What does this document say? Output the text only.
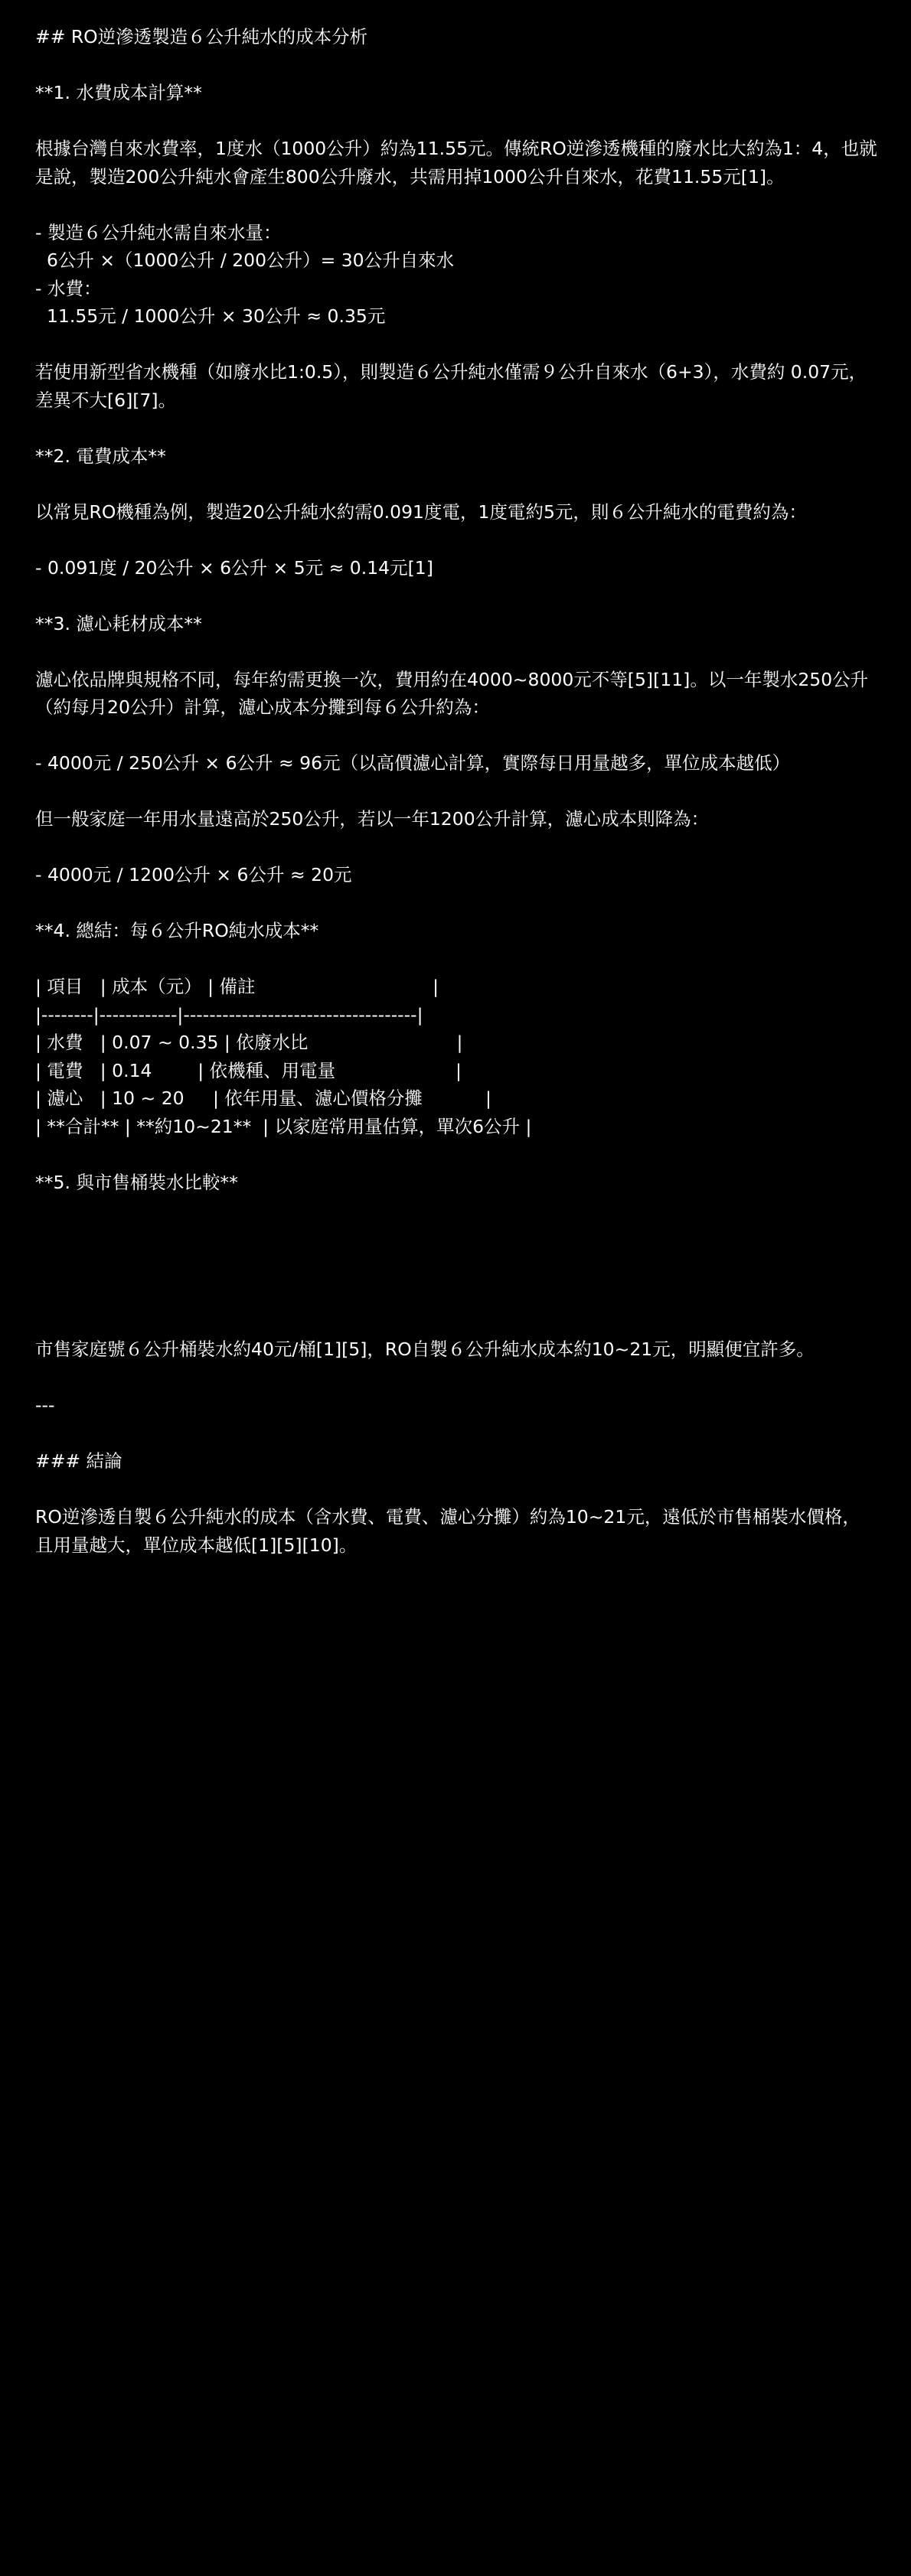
## RO逆滲透製造６公升純水的成本分析
**1. 水費成本計算**
根據台灣自來水費率，1度水（1000公升）約為11.55元。傳統RO逆滲透機種的廢水比大約為1：4，也就是說，製造200公升純水會產生800公升廢水，共需用掉1000公升自來水，花費11.55元[1]。
- 製造６公升純水需自來水量：
6公升 ×（1000公升 / 200公升）= 30公升自來水
- 水費：
11.55元 / 1000公升 × 30公升 ≈ 0.35元
若使用新型省水機種（如廢水比1:0.5），則製造６公升純水僅需９公升自來水（6+3），水費約 0.07元，差異不大[6][7]。
**2. 電費成本**
以常見RO機種為例，製造20公升純水約需0.091度電，1度電約5元，則６公升純水的電費約為：
- 0.091度 / 20公升 × 6公升 × 5元 ≈ 0.14元[1]
**3. 濾心耗材成本**
濾心依品牌與規格不同，每年約需更換一次，費用約在4000~8000元不等[5][11]。以一年製水250公升（約每月20公升）計算，濾心成本分攤到每６公升約為：
- 4000元 / 250公升 × 6公升 ≈ 96元（以高價濾心計算，實際每日用量越多，單位成本越低）
但一般家庭一年用水量遠高於250公升，若以一年1200公升計算，濾心成本則降為：
- 4000元 / 1200公升 × 6公升 ≈ 20元
**4. 總結：每６公升RO純水成本**
| 項目   | 成本（元） | 備註                               |
|--------|------------|------------------------------------|
| 水費   | 0.07 ~ 0.35 | 依廢水比                          |
| 電費   | 0.14        | 依機種、用電量                     |
| 濾心   | 10 ~ 20     | 依年用量、濾心價格分攤           |
| **合計** | **約10~21**  | 以家庭常用量估算，單次6公升 |
**5. 與市售桶裝水比較**
市售家庭號６公升桶裝水約40元/桶[1][5]，RO自製６公升純水成本約10~21元，明顯便宜許多。
---
### 結論
RO逆滲透自製６公升純水的成本（含水費、電費、濾心分攤）約為10~21元，遠低於市售桶裝水價格，且用量越大，單位成本越低[1][5][10]。
